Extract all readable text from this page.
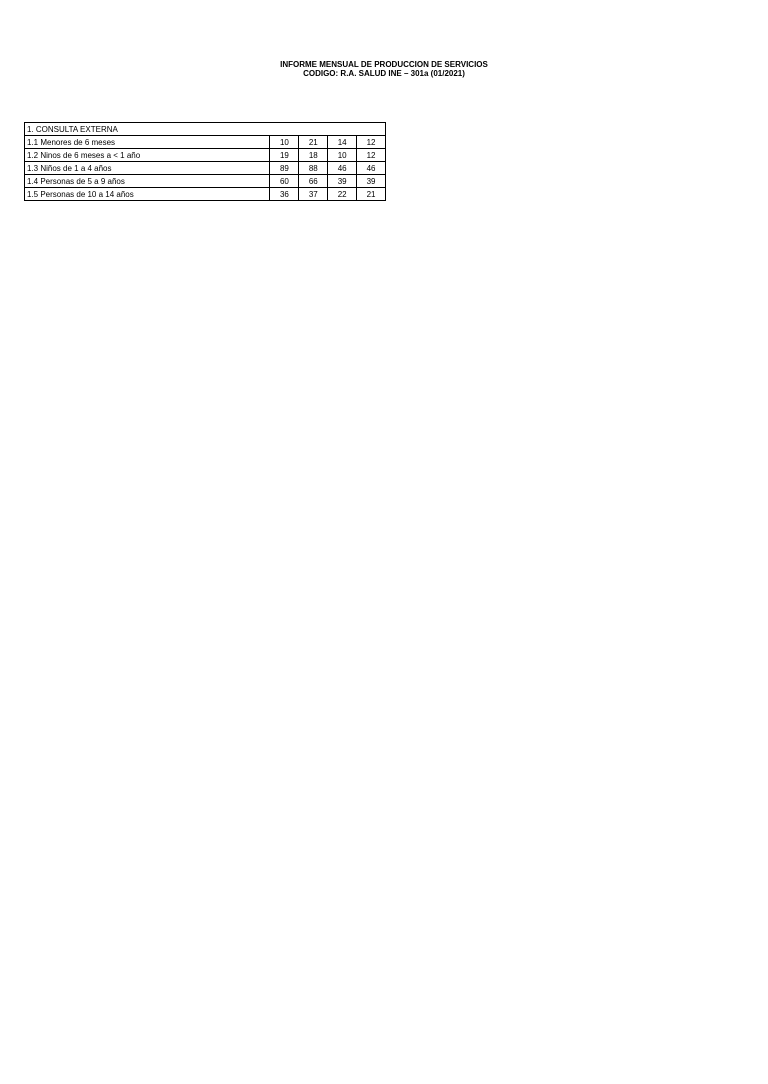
INFORME MENSUAL DE PRODUCCION DE SERVICIOS
CODIGO: R.A. SALUD INE – 301a (01/2021)
1. CONSULTA EXTERNA				
1.1 Menores de 6 meses	10	21	14	12
1.2 Ninos de 6 meses a < 1 año	19	18	10	12
1.3 Niños de 1 a 4 años	89	88	46	46
1.4 Personas de 5 a 9 años	60	66	39	39
1.5 Personas de 10 a 14 años	36	37	22	21
